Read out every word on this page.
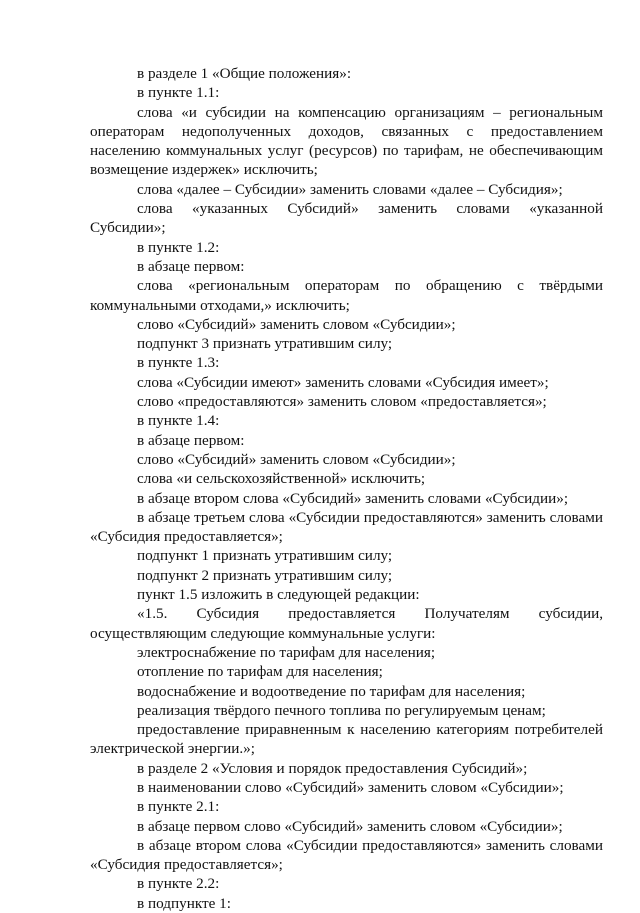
в разделе 1 «Общие положения»:

в пункте 1.1:

слова «и субсидии на компенсацию организациям – региональным операторам недополученных доходов, связанных с предоставлением населению коммунальных услуг (ресурсов) по тарифам, не обеспечивающим возмещение издержек» исключить;

слова «далее – Субсидии» заменить словами «далее – Субсидия»;

слова «указанных Субсидий» заменить словами «указанной Субсидии»;

в пункте 1.2:

в абзаце первом:

слова «региональным операторам по обращению с твёрдыми коммунальными отходами,» исключить;

слово «Субсидий» заменить словом «Субсидии»;

подпункт 3 признать утратившим силу;

в пункте 1.3:

слова «Субсидии имеют» заменить словами «Субсидия имеет»;

слово «предоставляются» заменить словом «предоставляется»;

в пункте 1.4:

в абзаце первом:

слово «Субсидий» заменить словом «Субсидии»;

слова «и сельскохозяйственной» исключить;

в абзаце втором слова «Субсидий» заменить словами «Субсидии»;

в абзаце третьем слова «Субсидии предоставляются» заменить словами «Субсидия предоставляется»;

подпункт 1 признать утратившим силу;

подпункт 2 признать утратившим силу;

пункт 1.5 изложить в следующей редакции:

«1.5. Субсидия предоставляется Получателям субсидии, осуществляющим следующие коммунальные услуги:

электроснабжение по тарифам для населения;

отопление по тарифам для населения;

водоснабжение и водоотведение по тарифам для населения;

реализация твёрдого печного топлива по регулируемым ценам;

предоставление приравненным к населению категориям потребителей электрической энергии.»;

в разделе 2 «Условия и порядок предоставления Субсидий»;

в наименовании слово «Субсидий» заменить словом «Субсидии»;

в пункте 2.1:

в абзаце первом слово «Субсидий» заменить словом «Субсидии»;

в абзаце втором слова «Субсидии предоставляются» заменить словами «Субсидия предоставляется»;

в пункте 2.2:

в подпункте 1:
